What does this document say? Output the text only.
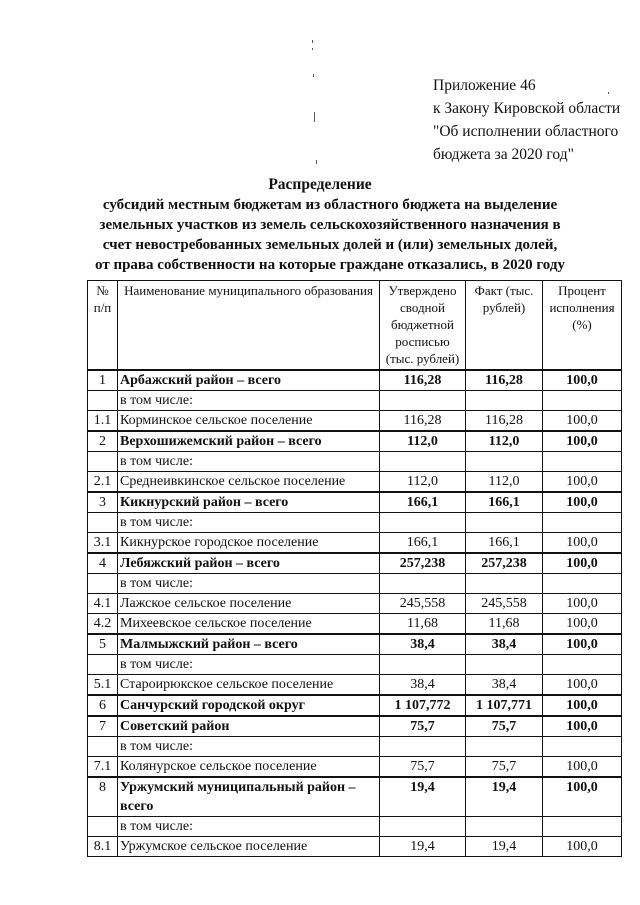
Приложение 46
к Закону Кировской области
"Об исполнении областного
бюджета за 2020 год"
Распределение
субсидий местным бюджетам из областного бюджета на выделение земельных участков из земель сельскохозяйственного назначения в счет невостребованных земельных долей и (или) земельных долей, от права собственности на которые граждане отказались, в 2020 году
№ п/п	Наименование муниципального образования	Утверждено сводной бюджетной росписью (тыс. рублей)	Факт (тыс. рублей)	Процент исполнения (%)
1	Арбажский район – всего	116,28	116,28	100,0
	в том числе:			
1.1	Корминское сельское поселение	116,28	116,28	100,0
2	Верхошижемский район – всего	112,0	112,0	100,0
	в том числе:			
2.1	Среднеивкинское сельское поселение	112,0	112,0	100,0
3	Кикнурский район – всего	166,1	166,1	100,0
	в том числе:			
3.1	Кикнурское городское поселение	166,1	166,1	100,0
4	Лебяжский район – всего	257,238	257,238	100,0
	в том числе:			
4.1	Лажское сельское поселение	245,558	245,558	100,0
4.2	Михеевское сельское поселение	11,68	11,68	100,0
5	Малмыжский район – всего	38,4	38,4	100,0
	в том числе:			
5.1	Староирюкское сельское поселение	38,4	38,4	100,0
6	Санчурский городской округ	1 107,772	1 107,771	100,0
7	Советский район	75,7	75,7	100,0
	в том числе:			
7.1	Колянурское сельское поселение	75,7	75,7	100,0
8	Уржумский муниципальный район – всего	19,4	19,4	100,0
	в том числе:			
8.1	Уржумское сельское поселение	19,4	19,4	100,0
